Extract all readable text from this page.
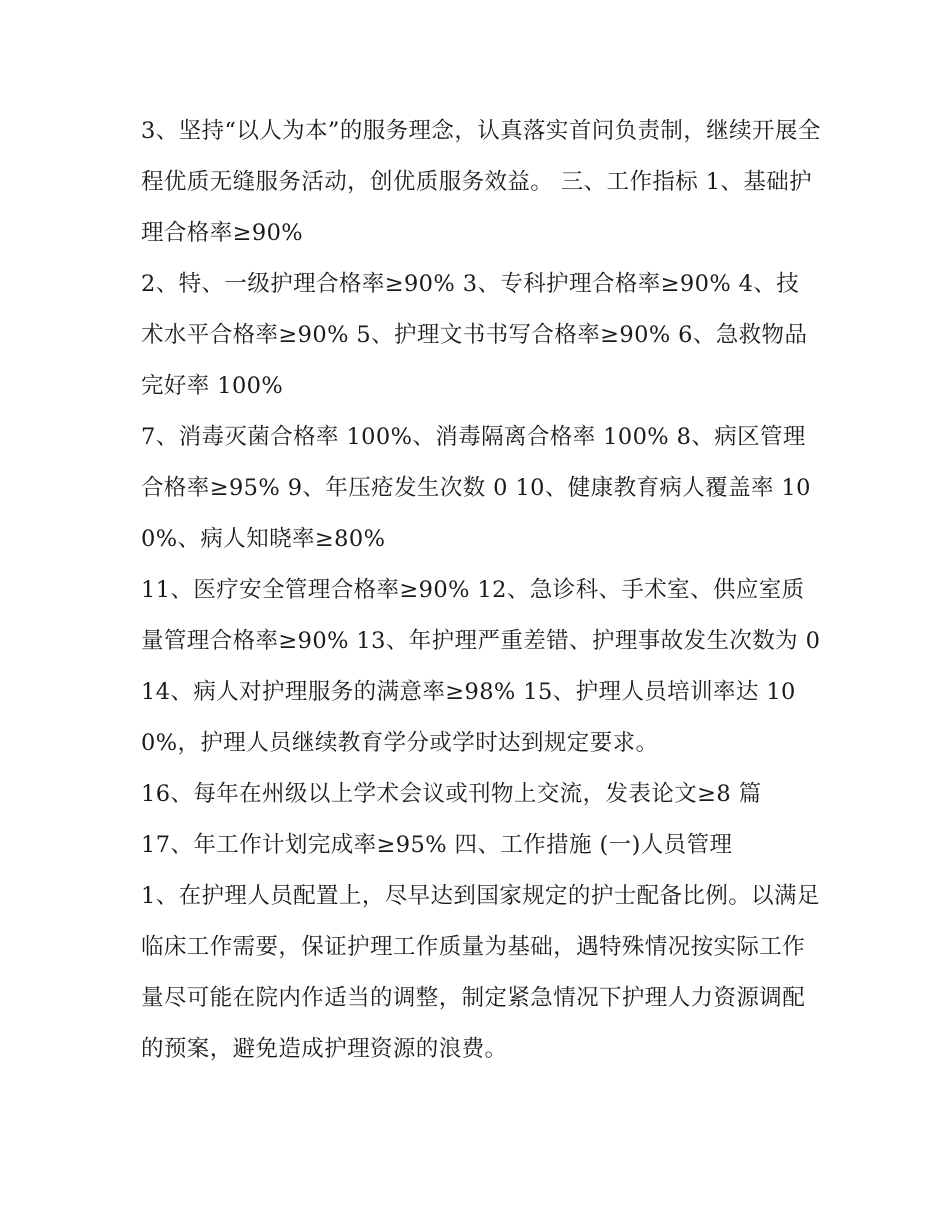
3、坚持“以人为本”的服务理念，认真落实首问负责制，继续开展全程优质无缝服务活动，创优质服务效益。 三、工作指标 1、基础护理合格率≥90%

2、特、一级护理合格率≥90% 3、专科护理合格率≥90% 4、技术水平合格率≥90% 5、护理文书书写合格率≥90% 6、急救物品完好率 100%

7、消毒灭菌合格率 100%、消毒隔离合格率 100% 8、病区管理合格率≥95% 9、年压疮发生次数 0 10、健康教育病人覆盖率 100%、病人知晓率≥80%

11、医疗安全管理合格率≥90% 12、急诊科、手术室、供应室质量管理合格率≥90% 13、年护理严重差错、护理事故发生次数为 0

14、病人对护理服务的满意率≥98% 15、护理人员培训率达 100%，护理人员继续教育学分或学时达到规定要求。

16、每年在州级以上学术会议或刊物上交流，发表论文≥8 篇

17、年工作计划完成率≥95% 四、工作措施 (一)人员管理

1、在护理人员配置上，尽早达到国家规定的护士配备比例。以满足临床工作需要，保证护理工作质量为基础，遇特殊情况按实际工作量尽可能在院内作适当的调整，制定紧急情况下护理人力资源调配的预案，避免造成护理资源的浪费。
